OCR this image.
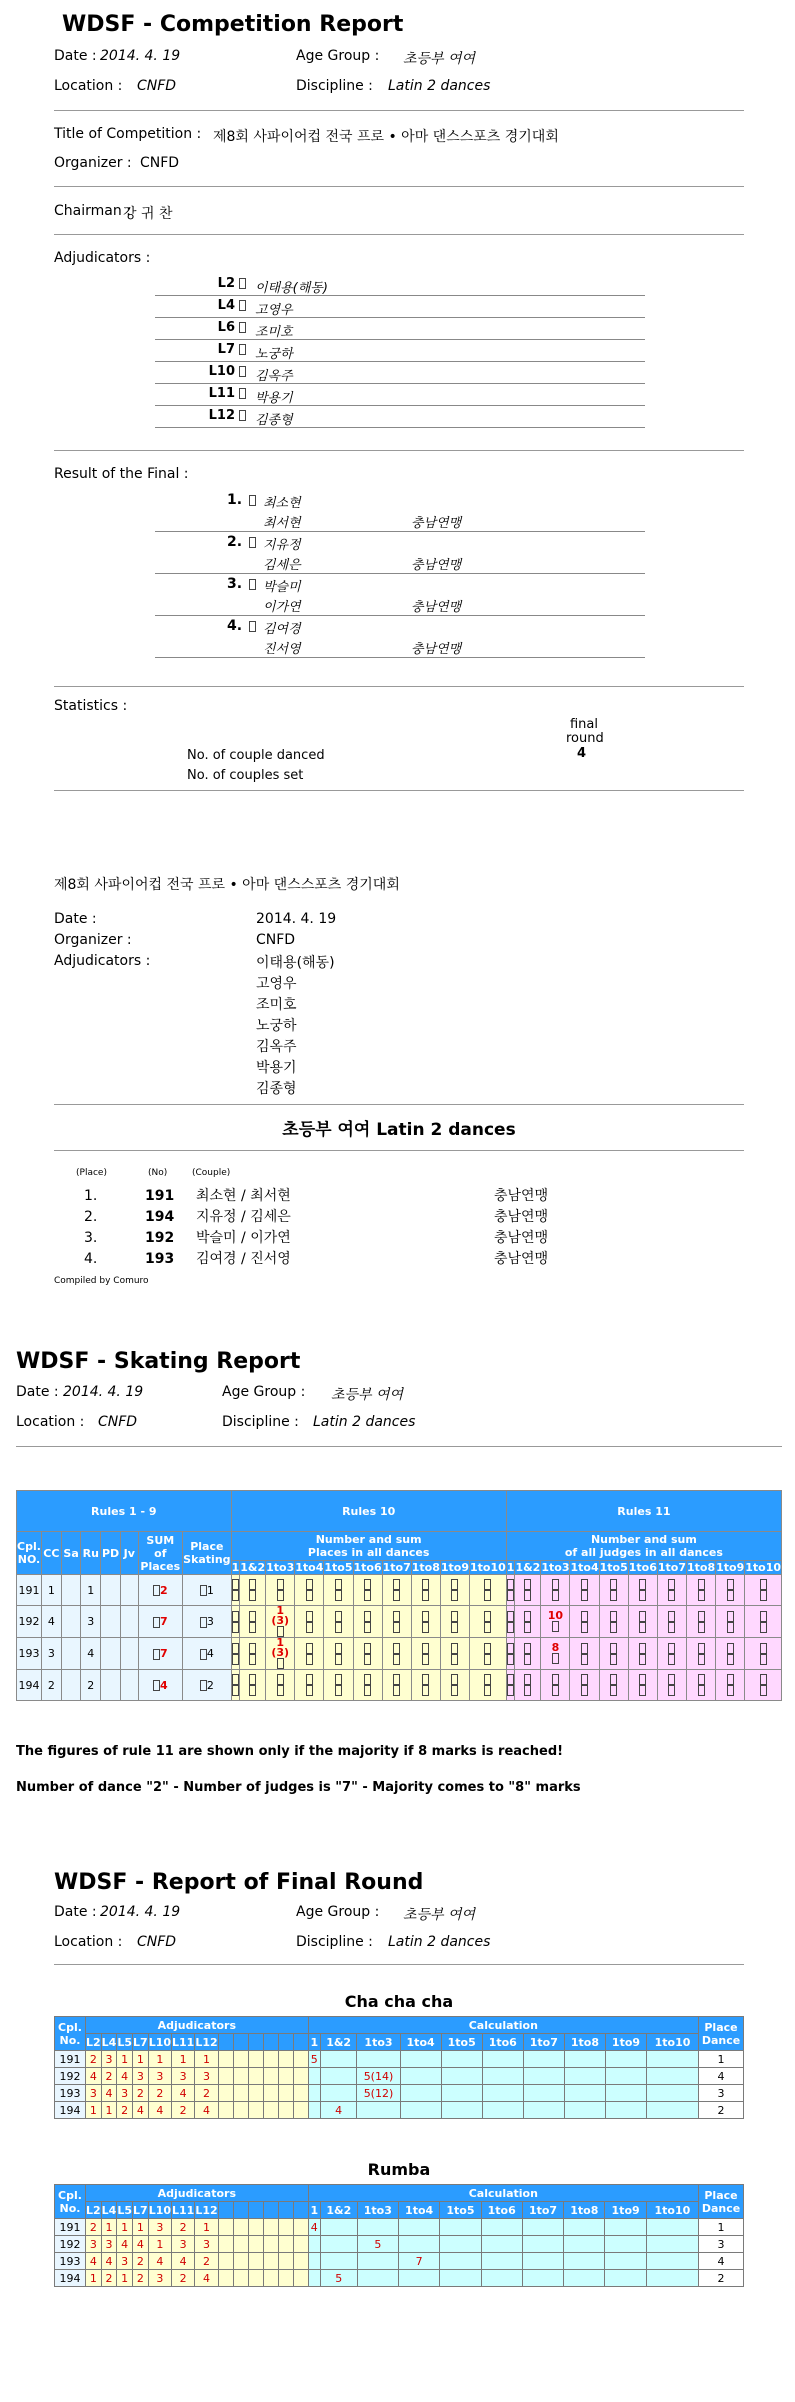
WDSF - Competition Report
Date : 2014. 4. 19	Age Group : 초등부 여여
Location : CNFD	Discipline : Latin 2 dances
Title of Competition : 제8회 사파이어컵 전국 프로 • 아마 댄스스포츠 경기대회
Organizer : CNFD
Chairman :
강 귀 찬
Adjudicators :
L2 이태용(해동)
L4 고영우
L6 조미호
L7 노궁하
L10 김옥주
L11 박용기
L12 김종형
Result of the Final :
1. 최소현
최서현	충남연맹
2. 지유정
김세은	충남연맹
3. 박슬미
이가연	충남연맹
4. 김여경
진서영	충남연맹
Statistics :
final
round
No. of couple danced	4
No. of couples set
제8회 사파이어컵 전국 프로 • 아마 댄스스포츠 경기대회
Date :	2014. 4. 19
Organizer :	CNFD
Adjudicators :	이태용(해동)
고영우
조미호
노궁하
김옥주
박용기
김종형
초등부 여여 Latin 2 dances
(Place)	(No)	(Couple)
1.	191 최소현 / 최서현	충남연맹
2.	194 지유정 / 김세은	충남연맹
3.	192 박슬미 / 이가연	충남연맹
4.	193 김여경 / 진서영	충남연맹
Compiled by Comuro
WDSF - Skating Report
Date : 2014. 4. 19	Age Group : 초등부 여여
Location : CNFD	Discipline : Latin 2 dances
Rules 1 - 9								Rules 10										Rules 11									
Cpl. NO.	CC	Sa	Ru	PD	Jv	SUM of Places	Place Skating	Number and sum
Places in all dances										Number and sum
of all judges in all dances									
								1	1&2	1to3	1to4	1to5	1to6	1to7	1to8	1to9	1to10	1	1&2	1to3	1to4	1to5	1to6	1to7	1to8	1to9	1to10
191	1		1			2	1	

192	4		3			7	3			1 (3)										10

193	3		4			7	4			1 (3)										8

194	2		2			4	2	

The figures of rule 11 are shown only if the majority if 8 marks is reached!
Number of dance "2" - Number of judges is "7" - Majority comes to "8" marks
WDSF - Report of Final Round
Date : 2014. 4. 19	Age Group : 초등부 여여
Location : CNFD	Discipline : Latin 2 dances
Cha cha cha
Cpl. No.	Adjudicators													Calculation										Place Dance
	L2	L4	L5	L7	L10	L11	L12							1	1&2	1to3	1to4	1to5	1to6	1to7	1to8	1to9	1to10	
191	2	3	1	1	1	1	1							5										1
192	4	2	4	3	3	3	3									5(14)								4
193	3	4	3	2	2	4	2									5(12)								3
194	1	1	2	4	4	2	4								4									2
Rumba
Cpl. No.	Adjudicators													Calculation										Place Dance
	L2	L4	L5	L7	L10	L11	L12							1	1&2	1to3	1to4	1to5	1to6	1to7	1to8	1to9	1to10	
191	2	1	1	1	3	2	1							4										1
192	3	3	4	4	1	3	3									5								3
193	4	4	3	2	4	4	2										7							4
194	1	2	1	2	3	2	4								5									2
